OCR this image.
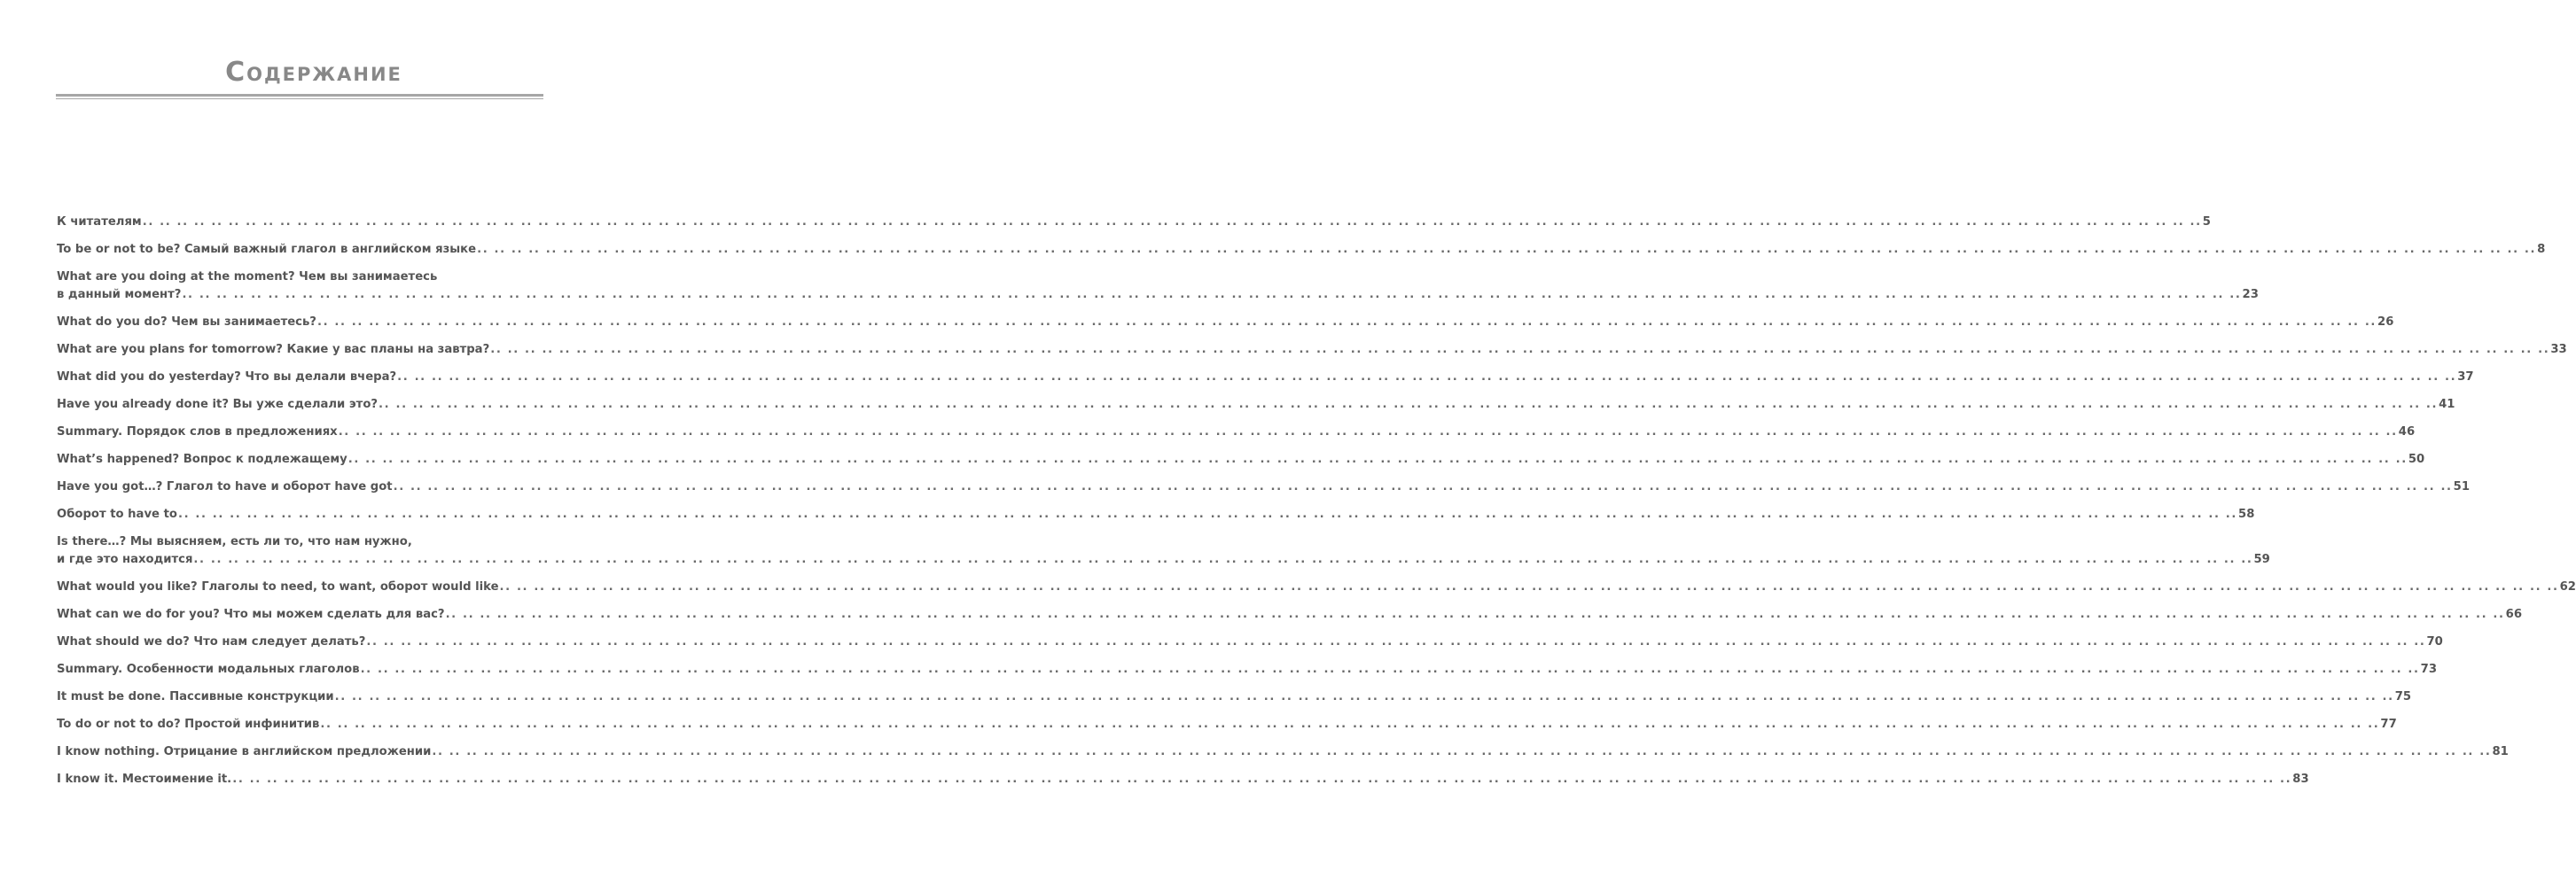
Содержание
К читателям .. .. .. .. .. .. .. .. .. .. .. .. .. .. .. .. .. .. .. .. .. .. .. .. .. .. .. .. .. .. .. .. .. .. .. .. .. .. .. .. .. .. .. .. .. .. .. .. .. .. .. .. .. .. .. .. .. .. .. .. .. .. .. .. .. .. .. .. .. .. .. .. .. .. .. .. .. .. .. .. .. .. .. .. .. .. .. .. .. .. .. .. .. .. .. .. .. .. .. .. .. .. .. .. .. .. .. .. .. .. .. .. .. .. .. .. .. .. .. .. 5
To be or not to be? Самый важный глагол в английском языке .. .. .. .. .. .. .. .. .. .. .. .. .. .. .. .. .. .. .. .. .. .. .. .. .. .. .. .. .. .. .. .. .. .. .. .. .. .. .. .. .. .. .. .. .. .. .. .. .. .. .. .. .. .. .. .. .. .. .. .. .. .. .. .. .. .. .. .. .. .. .. .. .. .. .. .. .. .. .. .. .. .. .. .. .. .. .. .. .. .. .. .. .. .. .. .. .. .. .. .. .. .. .. .. .. .. .. .. .. .. .. .. .. .. .. .. .. .. .. .. 8
What are you doing at the moment? Чем вы занимаетесь
в данный момент? .. .. .. .. .. .. .. .. .. .. .. .. .. .. .. .. .. .. .. .. .. .. .. .. .. .. .. .. .. .. .. .. .. .. .. .. .. .. .. .. .. .. .. .. .. .. .. .. .. .. .. .. .. .. .. .. .. .. .. .. .. .. .. .. .. .. .. .. .. .. .. .. .. .. .. .. .. .. .. .. .. .. .. .. .. .. .. .. .. .. .. .. .. .. .. .. .. .. .. .. .. .. .. .. .. .. .. .. .. .. .. .. .. .. .. .. .. .. .. .. 23
What do you do? Чем вы занимаетесь? .. .. .. .. .. .. .. .. .. .. .. .. .. .. .. .. .. .. .. .. .. .. .. .. .. .. .. .. .. .. .. .. .. .. .. .. .. .. .. .. .. .. .. .. .. .. .. .. .. .. .. .. .. .. .. .. .. .. .. .. .. .. .. .. .. .. .. .. .. .. .. .. .. .. .. .. .. .. .. .. .. .. .. .. .. .. .. .. .. .. .. .. .. .. .. .. .. .. .. .. .. .. .. .. .. .. .. .. .. .. .. .. .. .. .. .. .. .. .. .. 26
What are you plans for tomorrow? Какие у вас планы на завтра? .. .. .. .. .. .. .. .. .. .. .. .. .. .. .. .. .. .. .. .. .. .. .. .. .. .. .. .. .. .. .. .. .. .. .. .. .. .. .. .. .. .. .. .. .. .. .. .. .. .. .. .. .. .. .. .. .. .. .. .. .. .. .. .. .. .. .. .. .. .. .. .. .. .. .. .. .. .. .. .. .. .. .. .. .. .. .. .. .. .. .. .. .. .. .. .. .. .. .. .. .. .. .. .. .. .. .. .. .. .. .. .. .. .. .. .. .. .. .. .. 33
What did you do yesterday? Что вы делали вчера? .. .. .. .. .. .. .. .. .. .. .. .. .. .. .. .. .. .. .. .. .. .. .. .. .. .. .. .. .. .. .. .. .. .. .. .. .. .. .. .. .. .. .. .. .. .. .. .. .. .. .. .. .. .. .. .. .. .. .. .. .. .. .. .. .. .. .. .. .. .. .. .. .. .. .. .. .. .. .. .. .. .. .. .. .. .. .. .. .. .. .. .. .. .. .. .. .. .. .. .. .. .. .. .. .. .. .. .. .. .. .. .. .. .. .. .. .. .. .. .. 37
Have you already done it? Вы уже сделали это? .. .. .. .. .. .. .. .. .. .. .. .. .. .. .. .. .. .. .. .. .. .. .. .. .. .. .. .. .. .. .. .. .. .. .. .. .. .. .. .. .. .. .. .. .. .. .. .. .. .. .. .. .. .. .. .. .. .. .. .. .. .. .. .. .. .. .. .. .. .. .. .. .. .. .. .. .. .. .. .. .. .. .. .. .. .. .. .. .. .. .. .. .. .. .. .. .. .. .. .. .. .. .. .. .. .. .. .. .. .. .. .. .. .. .. .. .. .. .. .. 41
Summary. Порядок слов в предложениях .. .. .. .. .. .. .. .. .. .. .. .. .. .. .. .. .. .. .. .. .. .. .. .. .. .. .. .. .. .. .. .. .. .. .. .. .. .. .. .. .. .. .. .. .. .. .. .. .. .. .. .. .. .. .. .. .. .. .. .. .. .. .. .. .. .. .. .. .. .. .. .. .. .. .. .. .. .. .. .. .. .. .. .. .. .. .. .. .. .. .. .. .. .. .. .. .. .. .. .. .. .. .. .. .. .. .. .. .. .. .. .. .. .. .. .. .. .. .. .. 46
What’s happened? Вопрос к подлежащему .. .. .. .. .. .. .. .. .. .. .. .. .. .. .. .. .. .. .. .. .. .. .. .. .. .. .. .. .. .. .. .. .. .. .. .. .. .. .. .. .. .. .. .. .. .. .. .. .. .. .. .. .. .. .. .. .. .. .. .. .. .. .. .. .. .. .. .. .. .. .. .. .. .. .. .. .. .. .. .. .. .. .. .. .. .. .. .. .. .. .. .. .. .. .. .. .. .. .. .. .. .. .. .. .. .. .. .. .. .. .. .. .. .. .. .. .. .. .. .. 50
Have you got…? Глагол to have и оборот have got .. .. .. .. .. .. .. .. .. .. .. .. .. .. .. .. .. .. .. .. .. .. .. .. .. .. .. .. .. .. .. .. .. .. .. .. .. .. .. .. .. .. .. .. .. .. .. .. .. .. .. .. .. .. .. .. .. .. .. .. .. .. .. .. .. .. .. .. .. .. .. .. .. .. .. .. .. .. .. .. .. .. .. .. .. .. .. .. .. .. .. .. .. .. .. .. .. .. .. .. .. .. .. .. .. .. .. .. .. .. .. .. .. .. .. .. .. .. .. .. 51
Оборот to have to .. .. .. .. .. .. .. .. .. .. .. .. .. .. .. .. .. .. .. .. .. .. .. .. .. .. .. .. .. .. .. .. .. .. .. .. .. .. .. .. .. .. .. .. .. .. .. .. .. .. .. .. .. .. .. .. .. .. .. .. .. .. .. .. .. .. .. .. .. .. .. .. .. .. .. .. .. .. .. .. .. .. .. .. .. .. .. .. .. .. .. .. .. .. .. .. .. .. .. .. .. .. .. .. .. .. .. .. .. .. .. .. .. .. .. .. .. .. .. .. 58
Is there…? Мы выясняем, есть ли то, что нам нужно,
и где это находится .. .. .. .. .. .. .. .. .. .. .. .. .. .. .. .. .. .. .. .. .. .. .. .. .. .. .. .. .. .. .. .. .. .. .. .. .. .. .. .. .. .. .. .. .. .. .. .. .. .. .. .. .. .. .. .. .. .. .. .. .. .. .. .. .. .. .. .. .. .. .. .. .. .. .. .. .. .. .. .. .. .. .. .. .. .. .. .. .. .. .. .. .. .. .. .. .. .. .. .. .. .. .. .. .. .. .. .. .. .. .. .. .. .. .. .. .. .. .. .. 59
What would you like? Глаголы to need, to want, оборот would like .. .. .. .. .. .. .. .. .. .. .. .. .. .. .. .. .. .. .. .. .. .. .. .. .. .. .. .. .. .. .. .. .. .. .. .. .. .. .. .. .. .. .. .. .. .. .. .. .. .. .. .. .. .. .. .. .. .. .. .. .. .. .. .. .. .. .. .. .. .. .. .. .. .. .. .. .. .. .. .. .. .. .. .. .. .. .. .. .. .. .. .. .. .. .. .. .. .. .. .. .. .. .. .. .. .. .. .. .. .. .. .. .. .. .. .. .. .. .. .. 62
What can we do for you? Что мы можем сделать для вас? .. .. .. .. .. .. .. .. .. .. .. .. .. .. .. .. .. .. .. .. .. .. .. .. .. .. .. .. .. .. .. .. .. .. .. .. .. .. .. .. .. .. .. .. .. .. .. .. .. .. .. .. .. .. .. .. .. .. .. .. .. .. .. .. .. .. .. .. .. .. .. .. .. .. .. .. .. .. .. .. .. .. .. .. .. .. .. .. .. .. .. .. .. .. .. .. .. .. .. .. .. .. .. .. .. .. .. .. .. .. .. .. .. .. .. .. .. .. .. .. 66
What should we do? Что нам следует делать? .. .. .. .. .. .. .. .. .. .. .. .. .. .. .. .. .. .. .. .. .. .. .. .. .. .. .. .. .. .. .. .. .. .. .. .. .. .. .. .. .. .. .. .. .. .. .. .. .. .. .. .. .. .. .. .. .. .. .. .. .. .. .. .. .. .. .. .. .. .. .. .. .. .. .. .. .. .. .. .. .. .. .. .. .. .. .. .. .. .. .. .. .. .. .. .. .. .. .. .. .. .. .. .. .. .. .. .. .. .. .. .. .. .. .. .. .. .. .. .. 70
Summary. Особенности модальных глаголов .. .. .. .. .. .. .. .. .. .. .. .. .. .. .. .. .. .. .. .. .. .. .. .. .. .. .. .. .. .. .. .. .. .. .. .. .. .. .. .. .. .. .. .. .. .. .. .. .. .. .. .. .. .. .. .. .. .. .. .. .. .. .. .. .. .. .. .. .. .. .. .. .. .. .. .. .. .. .. .. .. .. .. .. .. .. .. .. .. .. .. .. .. .. .. .. .. .. .. .. .. .. .. .. .. .. .. .. .. .. .. .. .. .. .. .. .. .. .. .. 73
It must be done. Пассивные конструкции .. .. .. .. .. .. .. .. .. .. .. .. .. .. .. .. .. .. .. .. .. .. .. .. .. .. .. .. .. .. .. .. .. .. .. .. .. .. .. .. .. .. .. .. .. .. .. .. .. .. .. .. .. .. .. .. .. .. .. .. .. .. .. .. .. .. .. .. .. .. .. .. .. .. .. .. .. .. .. .. .. .. .. .. .. .. .. .. .. .. .. .. .. .. .. .. .. .. .. .. .. .. .. .. .. .. .. .. .. .. .. .. .. .. .. .. .. .. .. .. 75
To do or not to do? Простой инфинитив .. .. .. .. .. .. .. .. .. .. .. .. .. .. .. .. .. .. .. .. .. .. .. .. .. .. .. .. .. .. .. .. .. .. .. .. .. .. .. .. .. .. .. .. .. .. .. .. .. .. .. .. .. .. .. .. .. .. .. .. .. .. .. .. .. .. .. .. .. .. .. .. .. .. .. .. .. .. .. .. .. .. .. .. .. .. .. .. .. .. .. .. .. .. .. .. .. .. .. .. .. .. .. .. .. .. .. .. .. .. .. .. .. .. .. .. .. .. .. .. 77
I know nothing. Отрицание в английском предложении .. .. .. .. .. .. .. .. .. .. .. .. .. .. .. .. .. .. .. .. .. .. .. .. .. .. .. .. .. .. .. .. .. .. .. .. .. .. .. .. .. .. .. .. .. .. .. .. .. .. .. .. .. .. .. .. .. .. .. .. .. .. .. .. .. .. .. .. .. .. .. .. .. .. .. .. .. .. .. .. .. .. .. .. .. .. .. .. .. .. .. .. .. .. .. .. .. .. .. .. .. .. .. .. .. .. .. .. .. .. .. .. .. .. .. .. .. .. .. .. 81
I know it. Местоимение it. .. .. .. .. .. .. .. .. .. .. .. .. .. .. .. .. .. .. .. .. .. .. .. .. .. .. .. .. .. .. .. .. .. .. .. .. .. .. .. .. .. .. .. .. .. .. .. .. .. .. .. .. .. .. .. .. .. .. .. .. .. .. .. .. .. .. .. .. .. .. .. .. .. .. .. .. .. .. .. .. .. .. .. .. .. .. .. .. .. .. .. .. .. .. .. .. .. .. .. .. .. .. .. .. .. .. .. .. .. .. .. .. .. .. .. .. .. .. .. .. 83
